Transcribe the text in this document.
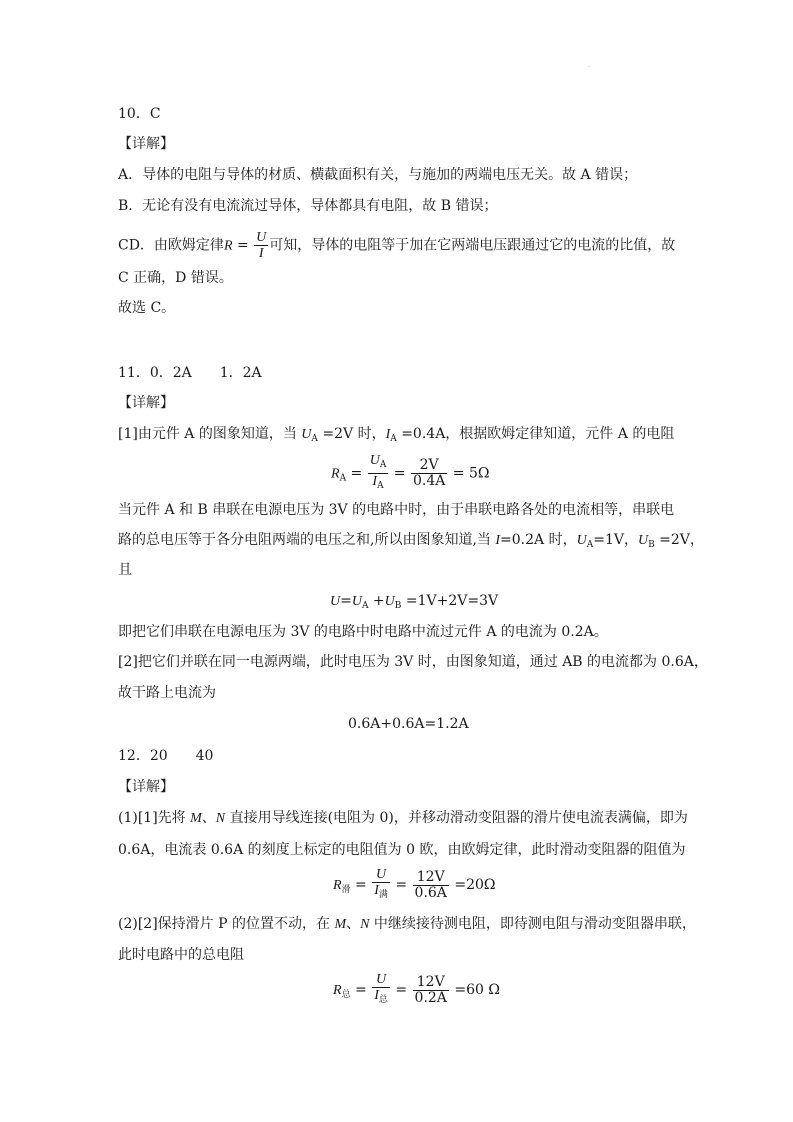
.
10．C
【详解】
A．导体的电阻与导体的材质、横截面积有关，与施加的两端电压无关。故 A 错误；
B．无论有没有电流流过导体，导体都具有电阻，故 B 错误；
CD．由欧姆定律$R = \frac{U}{I}$ 可知，导体的电阻等于加在它两端电压跟通过它的电流的比值，故
C 正确，D 错误。
故选 C。
11．0．2A　　1．2A
【详解】
[1]由元件 A 的图象知道，当 $U_A =2V$ 时，$I_A =0.4A$，根据欧姆定律知道，元件 A 的电阻
$R_A = \frac{U_A}{I_A} = \frac{2V}{0.4A} = 5\Omega$
当元件 A 和 B 串联在电源电压为 3V 的电路中时，由于串联电路各处的电流相等，串联电
路的总电压等于各分电阻两端的电压之和,所以由图象知道,当 I=0.2A 时，$U_A=1V$，$U_B =2V$，
且
$U=U_A +U_B =1V+2V=3V$
即把它们串联在电源电压为 3V 的电路中时电路中流过元件 A 的电流为 0.2A。
[2]把它们并联在同一电源两端，此时电压为 3V 时，由图象知道，通过 AB 的电流都为 0.6A，
故干路上电流为
0.6A+0.6A=1.2A
12．20　　40
【详解】
(1)[1]先将 M、N 直接用导线连接(电阻为 0)，并移动滑动变阻器的滑片使电流表满偏，即为
0.6A，电流表 0.6A 的刻度上标定的电阻值为 0 欧，由欧姆定律，此时滑动变阻器的阻值为
$R_滑 = \frac{U}{I_满} = \frac{12V}{0.6A} =20\Omega$
(2)[2]保持滑片 P 的位置不动，在 M、N 中继续接待测电阻，即待测电阻与滑动变阻器串联，
此时电路中的总电阻
$R_总 = \frac{U}{I_总} = \frac{12V}{0.2A} =60$ Ω
